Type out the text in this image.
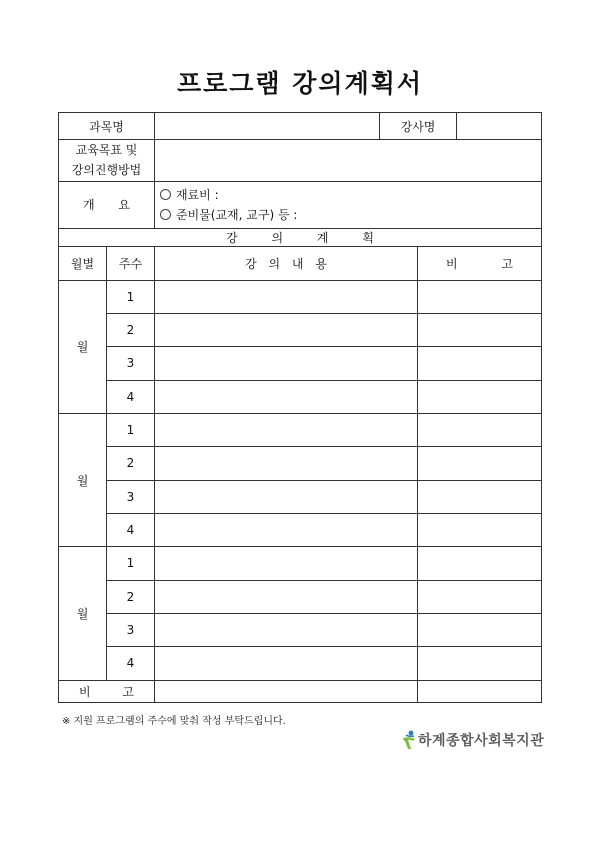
프로그램 강의계획서
과목명			강사명	

교육목표 및
강의진행방법				

개 요		재료비 :
준비물(교재, 교구) 등 :		

강 의 계 획				
월별	주수	강 의 내 용		비 고
월	1			
	2			
	3			
	4			
월	1			
	2			
	3			
	4			
월	1			
	2			
	3			
	4			
비 고				
※ 지원 프로그램의 주수에 맞춰 작성 부탁드립니다.
하계종합사회복지관
